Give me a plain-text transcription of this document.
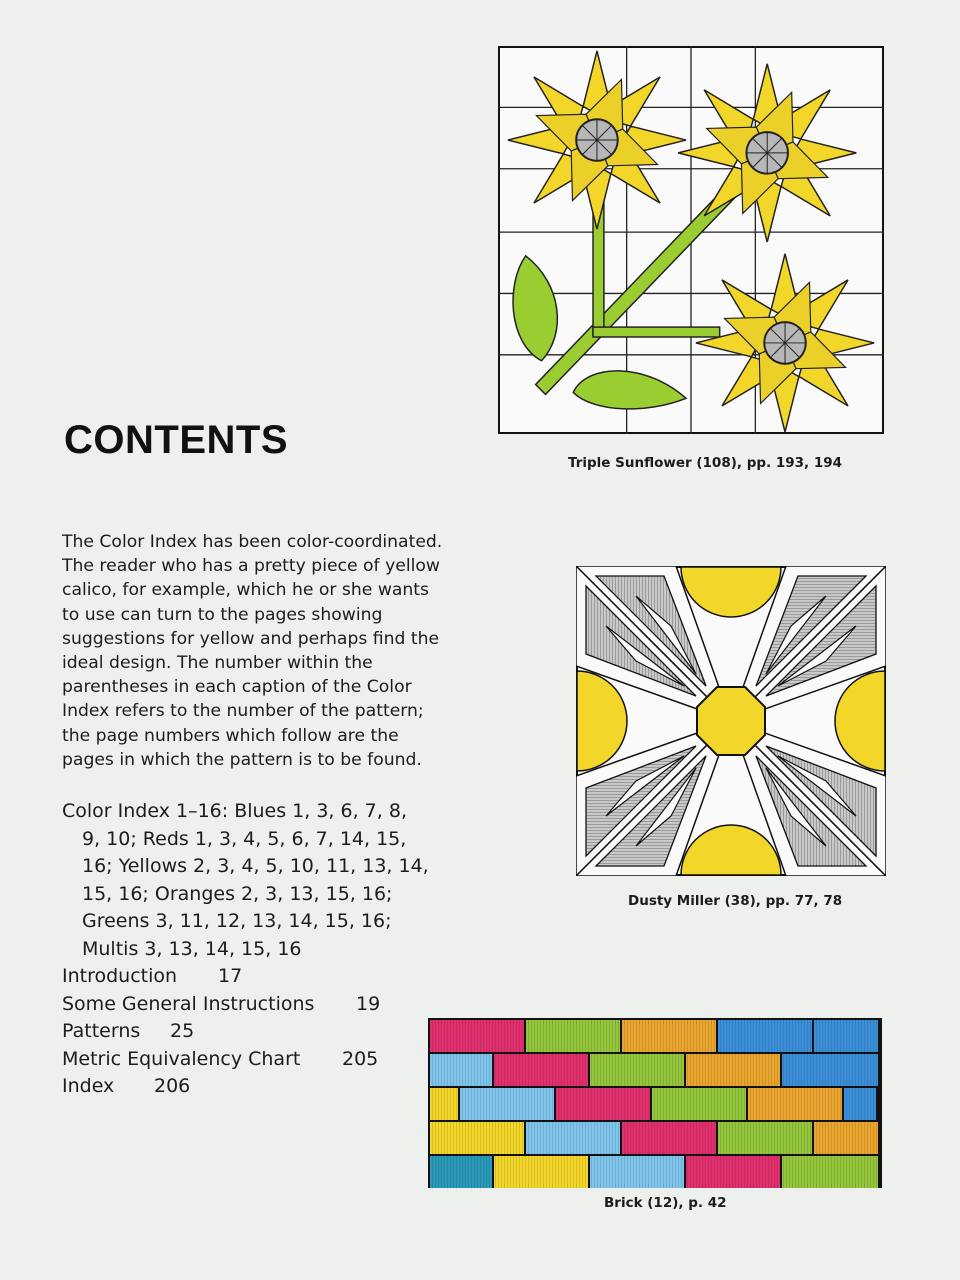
Triple Sunflower (108), pp. 193, 194
CONTENTS
The Color Index has been color-coordinated.
The reader who has a pretty piece of yellow
calico, for example, which he or she wants
to use can turn to the pages showing
suggestions for yellow and perhaps find the
ideal design. The number within the
parentheses in each caption of the Color
Index refers to the number of the pattern;
the page numbers which follow are the
pages in which the pattern is to be found.
Color Index 1–16: Blues 1, 3, 6, 7, 8,
9, 10; Reds 1, 3, 4, 5, 6, 7, 14, 15,
16; Yellows 2, 3, 4, 5, 10, 11, 13, 14,
15, 16; Oranges 2, 3, 13, 15, 16;
Greens 3, 11, 12, 13, 14, 15, 16;
Multis 3, 13, 14, 15, 16
Introduction 17
Some General Instructions 19
Patterns 25
Metric Equivalency Chart 205
Index 206
Dusty Miller (38), pp. 77, 78
Brick (12), p. 42
